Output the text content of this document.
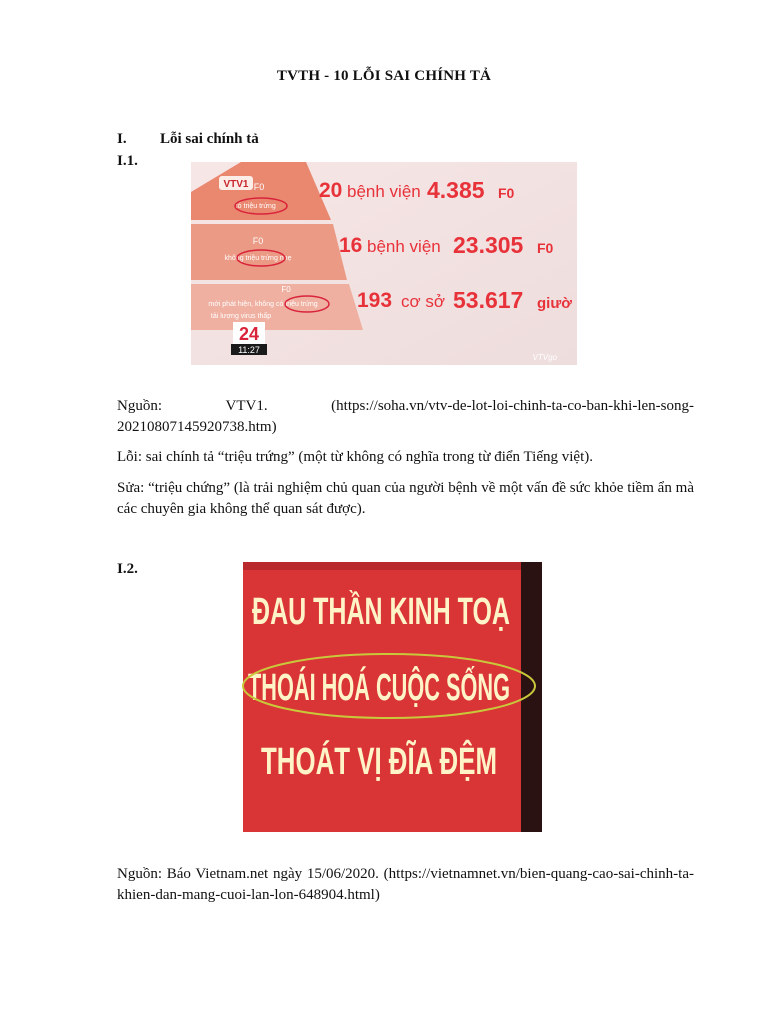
TVTH - 10 LỖI SAI CHÍNH TẢ
I. Lỗi sai chính tả
I.1.
VTV1 F0
có triệu trứng
F0
không triệu trứng nhẹ
F0
mới phát hiện, không có triệu trứng
tải lượng virus thấp
20 bệnh viện 4.385 F0
16 bệnh viện 23.305 F0
193 cơ sở 53.617 giườ
24
11:27
VTVgo
Nguồn:	VTV1.	(https://soha.vn/vtv-de-lot-loi-chinh-ta-co-ban-khi-len-song-
20210807145920738.htm)
Lỗi: sai chính tả “triệu trứng” (một từ không có nghĩa trong từ điển Tiếng việt).
Sửa: “triệu chứng” (là trải nghiệm chủ quan của người bệnh về một vấn đề sức khỏe tiềm ẩn mà các chuyên gia không thể quan sát được).
I.2.
ĐAU THẦN KINH TOẠ
THOÁI HOÁ CUỘC SỐNG
THOÁT VỊ ĐĨA ĐỆM
Nguồn: Báo Vietnam.net ngày 15/06/2020. (https://vietnamnet.vn/bien-quang-cao-sai-chinh-ta-khien-dan-mang-cuoi-lan-lon-648904.html)
